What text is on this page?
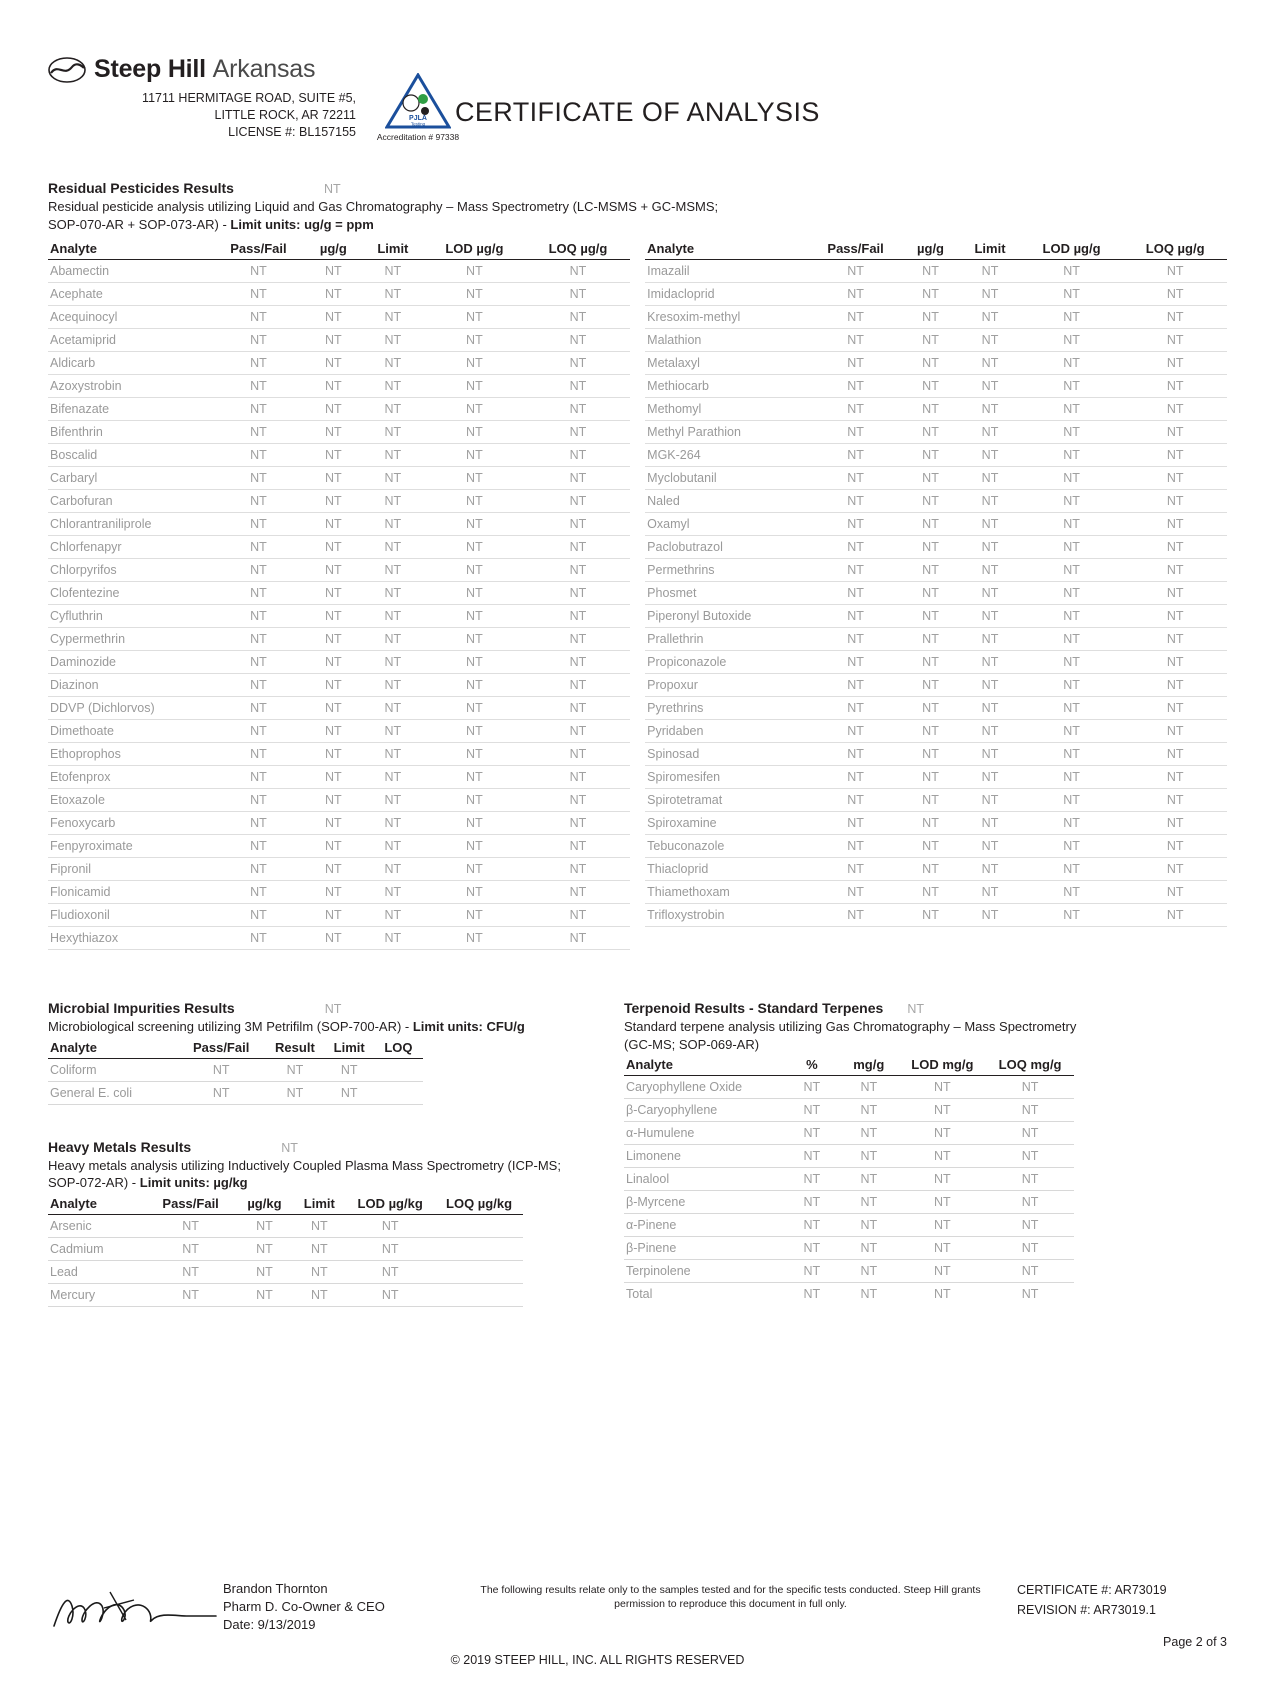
Steep Hill Arkansas
11711 HERMITAGE ROAD, SUITE #5,
LITTLE ROCK, AR 72211
LICENSE #: BL157155
PJLA
Testing
Accreditation # 97338
CERTIFICATE OF ANALYSIS
Residual Pesticides Results	NT
Residual pesticide analysis utilizing Liquid and Gas Chromatography – Mass Spectrometry (LC-MSMS + GC-MSMS;
SOP-070-AR + SOP-073-AR) - Limit units: ug/g = ppm
Analyte	Pass/Fail	µg/g	Limit	LOD µg/g	LOQ µg/g		Analyte	Pass/Fail	µg/g	Limit	LOD µg/g	LOQ µg/g
Abamectin	NT	NT	NT	NT	NT		Imazalil	NT	NT	NT	NT	NT
Acephate	NT	NT	NT	NT	NT		Imidacloprid	NT	NT	NT	NT	NT
Acequinocyl	NT	NT	NT	NT	NT		Kresoxim-methyl	NT	NT	NT	NT	NT
Acetamiprid	NT	NT	NT	NT	NT		Malathion	NT	NT	NT	NT	NT
Aldicarb	NT	NT	NT	NT	NT		Metalaxyl	NT	NT	NT	NT	NT
Azoxystrobin	NT	NT	NT	NT	NT		Methiocarb	NT	NT	NT	NT	NT
Bifenazate	NT	NT	NT	NT	NT		Methomyl	NT	NT	NT	NT	NT
Bifenthrin	NT	NT	NT	NT	NT		Methyl Parathion	NT	NT	NT	NT	NT
Boscalid	NT	NT	NT	NT	NT		MGK-264	NT	NT	NT	NT	NT
Carbaryl	NT	NT	NT	NT	NT		Myclobutanil	NT	NT	NT	NT	NT
Carbofuran	NT	NT	NT	NT	NT		Naled	NT	NT	NT	NT	NT
Chlorantraniliprole	NT	NT	NT	NT	NT		Oxamyl	NT	NT	NT	NT	NT
Chlorfenapyr	NT	NT	NT	NT	NT		Paclobutrazol	NT	NT	NT	NT	NT
Chlorpyrifos	NT	NT	NT	NT	NT		Permethrins	NT	NT	NT	NT	NT
Clofentezine	NT	NT	NT	NT	NT		Phosmet	NT	NT	NT	NT	NT
Cyfluthrin	NT	NT	NT	NT	NT		Piperonyl Butoxide	NT	NT	NT	NT	NT
Cypermethrin	NT	NT	NT	NT	NT		Prallethrin	NT	NT	NT	NT	NT
Daminozide	NT	NT	NT	NT	NT		Propiconazole	NT	NT	NT	NT	NT
Diazinon	NT	NT	NT	NT	NT		Propoxur	NT	NT	NT	NT	NT
DDVP (Dichlorvos)	NT	NT	NT	NT	NT		Pyrethrins	NT	NT	NT	NT	NT
Dimethoate	NT	NT	NT	NT	NT		Pyridaben	NT	NT	NT	NT	NT
Ethoprophos	NT	NT	NT	NT	NT		Spinosad	NT	NT	NT	NT	NT
Etofenprox	NT	NT	NT	NT	NT		Spiromesifen	NT	NT	NT	NT	NT
Etoxazole	NT	NT	NT	NT	NT		Spirotetramat	NT	NT	NT	NT	NT
Fenoxycarb	NT	NT	NT	NT	NT		Spiroxamine	NT	NT	NT	NT	NT
Fenpyroximate	NT	NT	NT	NT	NT		Tebuconazole	NT	NT	NT	NT	NT
Fipronil	NT	NT	NT	NT	NT		Thiacloprid	NT	NT	NT	NT	NT
Flonicamid	NT	NT	NT	NT	NT		Thiamethoxam	NT	NT	NT	NT	NT
Fludioxonil	NT	NT	NT	NT	NT		Trifloxystrobin	NT	NT	NT	NT	NT
Hexythiazox	NT	NT	NT	NT	NT							
Microbial Impurities Results	NT
Microbiological screening utilizing 3M Petrifilm (SOP-700-AR) - Limit units: CFU/g
Analyte	Pass/Fail	Result	Limit	LOQ
Coliform	NT	NT	NT	
General E. coli	NT	NT	NT	
Heavy Metals Results	NT
Heavy metals analysis utilizing Inductively Coupled Plasma Mass Spectrometry (ICP-MS; SOP-072-AR) - Limit units: µg/kg
Analyte	Pass/Fail	µg/kg	Limit	LOD µg/kg	LOQ µg/kg
Arsenic	NT	NT	NT	NT	
Cadmium	NT	NT	NT	NT	
Lead	NT	NT	NT	NT	
Mercury	NT	NT	NT	NT	
Terpenoid Results - Standard Terpenes NT
Standard terpene analysis utilizing Gas Chromatography – Mass Spectrometry (GC-MS; SOP-069-AR)
Analyte	%	mg/g	LOD mg/g	LOQ mg/g
Caryophyllene Oxide	NT	NT	NT	NT
β-Caryophyllene	NT	NT	NT	NT
α-Humulene	NT	NT	NT	NT
Limonene	NT	NT	NT	NT
Linalool	NT	NT	NT	NT
β-Myrcene	NT	NT	NT	NT
α-Pinene	NT	NT	NT	NT
β-Pinene	NT	NT	NT	NT
Terpinolene	NT	NT	NT	NT
Total	NT	NT	NT	NT
Brandon Thornton
Pharm D. Co-Owner & CEO
Date: 9/13/2019
The following results relate only to the samples tested and for the specific tests conducted. Steep Hill grants permission to reproduce this document in full only.
CERTIFICATE #: AR73019
REVISION #: AR73019.1
© 2019 STEEP HILL, INC. ALL RIGHTS RESERVED
Page 2 of 3
